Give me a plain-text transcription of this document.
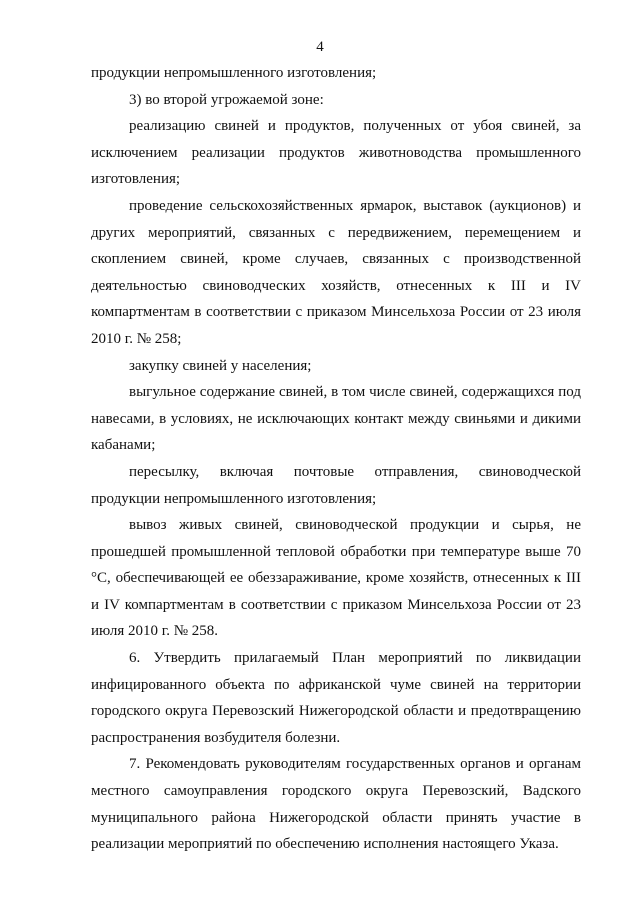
4

продукции непромышленного изготовления;

3) во второй угрожаемой зоне:

реализацию свиней и продуктов, полученных от убоя свиней, за исключением реализации продуктов животноводства промышленного изготовления;

проведение сельскохозяйственных ярмарок, выставок (аукционов) и других мероприятий, связанных с передвижением, перемещением и скоплением свиней, кроме случаев, связанных с производственной деятельностью свиноводческих хозяйств, отнесенных к III и IV компартментам в соответствии с приказом Минсельхоза России от 23 июля 2010 г. № 258;

закупку свиней у населения;

выгульное содержание свиней, в том числе свиней, содержащихся под навесами, в условиях, не исключающих контакт между свиньями и дикими кабанами;

пересылку, включая почтовые отправления, свиноводческой продукции непромышленного изготовления;

вывоз живых свиней, свиноводческой продукции и сырья, не прошедшей промышленной тепловой обработки при температуре выше 70 °С, обеспечивающей ее обеззараживание, кроме хозяйств, отнесенных к III и IV компартментам в соответствии с приказом Минсельхоза России от 23 июля 2010 г. № 258.

6. Утвердить прилагаемый План мероприятий по ликвидации инфицированного объекта по африканской чуме свиней на территории городского округа Перевозский Нижегородской области и предотвращению распространения возбудителя болезни.

7. Рекомендовать руководителям государственных органов и органам местного самоуправления городского округа Перевозский, Вадского муниципального района Нижегородской области принять участие в реализации мероприятий по обеспечению исполнения настоящего Указа.
